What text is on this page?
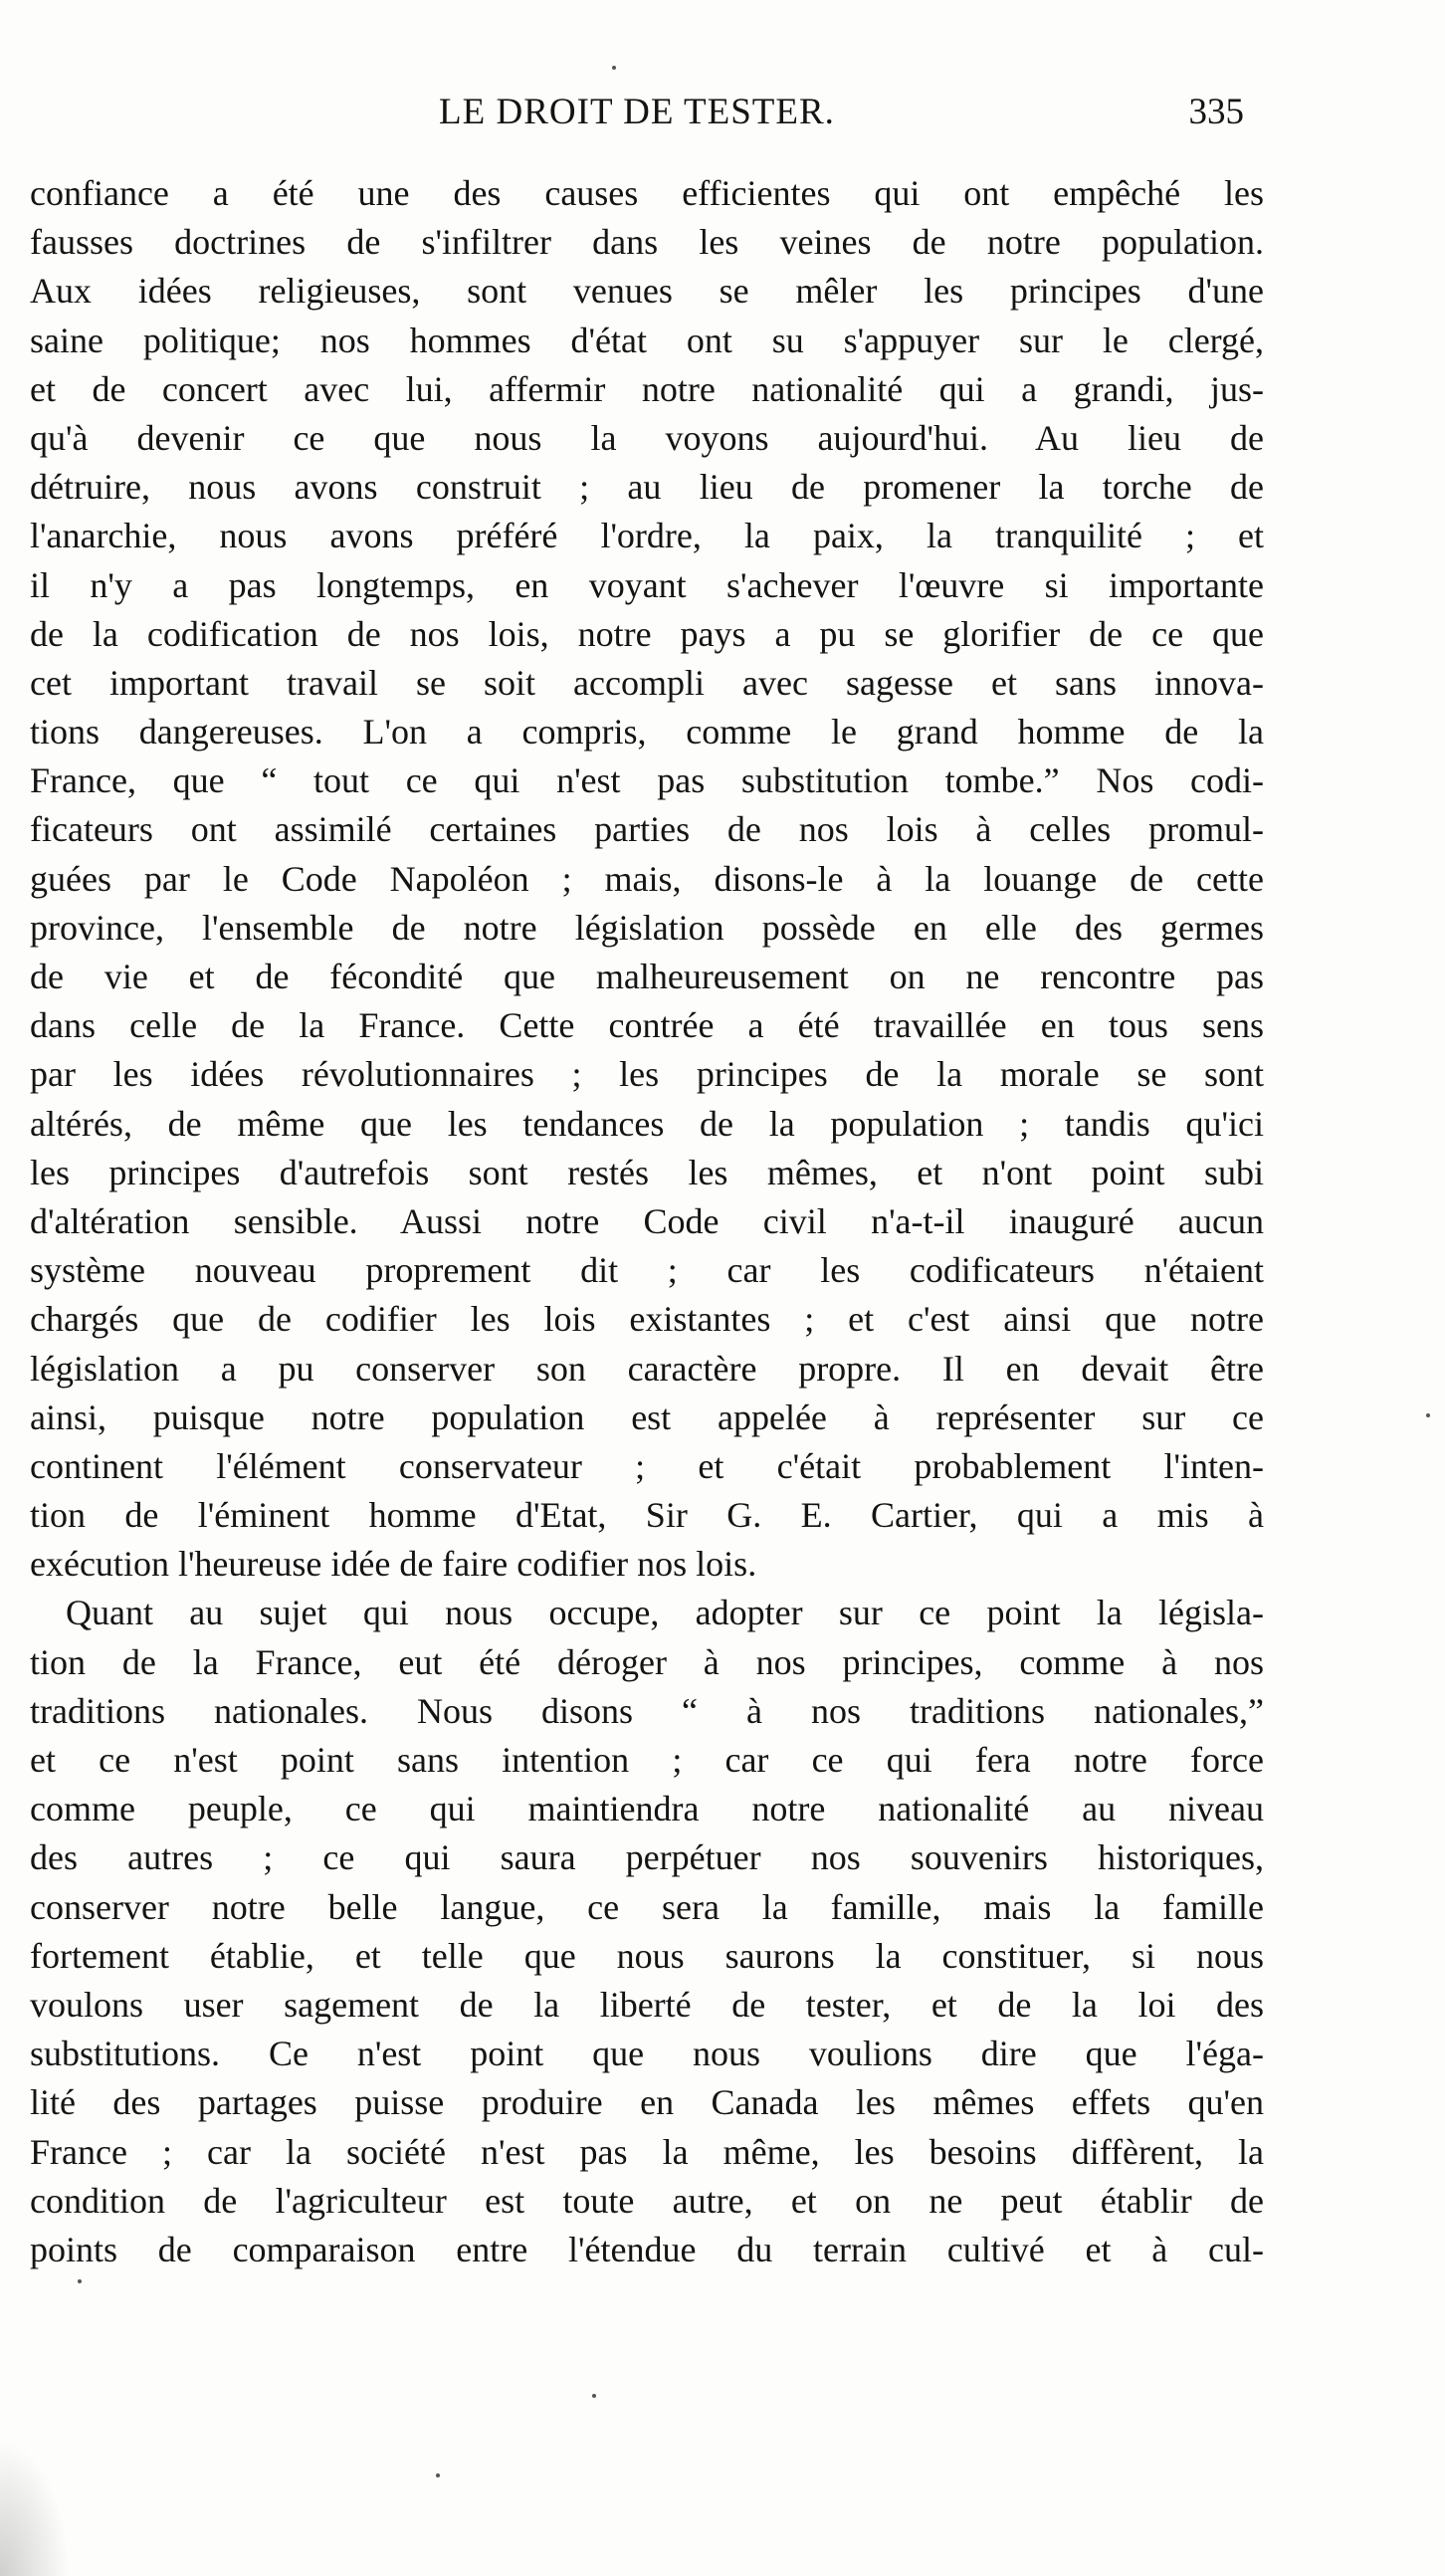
LE DROIT DE TESTER.	335
confiance a été une des causes efficientes qui ont empêché les
fausses doctrines de s'infiltrer dans les veines de notre population.
Aux idées religieuses, sont venues se mêler les principes d'une
saine politique; nos hommes d'état ont su s'appuyer sur le clergé,
et de concert avec lui, affermir notre nationalité qui a grandi, jus-
qu'à devenir ce que nous la voyons aujourd'hui. Au lieu de
détruire, nous avons construit ; au lieu de promener la torche de
l'anarchie, nous avons préféré l'ordre, la paix, la tranquilité ; et
il n'y a pas longtemps, en voyant s'achever l'œuvre si importante
de la codification de nos lois, notre pays a pu se glorifier de ce que
cet important travail se soit accompli avec sagesse et sans innova-
tions dangereuses. L'on a compris, comme le grand homme de la
France, que “ tout ce qui n'est pas substitution tombe.” Nos codi-
ficateurs ont assimilé certaines parties de nos lois à celles promul-
guées par le Code Napoléon ; mais, disons-le à la louange de cette
province, l'ensemble de notre législation possède en elle des germes
de vie et de fécondité que malheureusement on ne rencontre pas
dans celle de la France. Cette contrée a été travaillée en tous sens
par les idées révolutionnaires ; les principes de la morale se sont
altérés, de même que les tendances de la population ; tandis qu'ici
les principes d'autrefois sont restés les mêmes, et n'ont point subi
d'altération sensible. Aussi notre Code civil n'a-t-il inauguré aucun
système nouveau proprement dit ; car les codificateurs n'étaient
chargés que de codifier les lois existantes ; et c'est ainsi que notre
législation a pu conserver son caractère propre. Il en devait être
ainsi, puisque notre population est appelée à représenter sur ce
continent l'élément conservateur ; et c'était probablement l'inten-
tion de l'éminent homme d'Etat, Sir G. E. Cartier, qui a mis à
exécution l'heureuse idée de faire codifier nos lois.
Quant au sujet qui nous occupe, adopter sur ce point la législa-
tion de la France, eut été déroger à nos principes, comme à nos
traditions nationales. Nous disons “ à nos traditions nationales,”
et ce n'est point sans intention ; car ce qui fera notre force
comme peuple, ce qui maintiendra notre nationalité au niveau
des autres ; ce qui saura perpétuer nos souvenirs historiques,
conserver notre belle langue, ce sera la famille, mais la famille
fortement établie, et telle que nous saurons la constituer, si nous
voulons user sagement de la liberté de tester, et de la loi des
substitutions. Ce n'est point que nous voulions dire que l'éga-
lité des partages puisse produire en Canada les mêmes effets qu'en
France ; car la société n'est pas la même, les besoins diffèrent, la
condition de l'agriculteur est toute autre, et on ne peut établir de
points de comparaison entre l'étendue du terrain cultivé et à cul-
